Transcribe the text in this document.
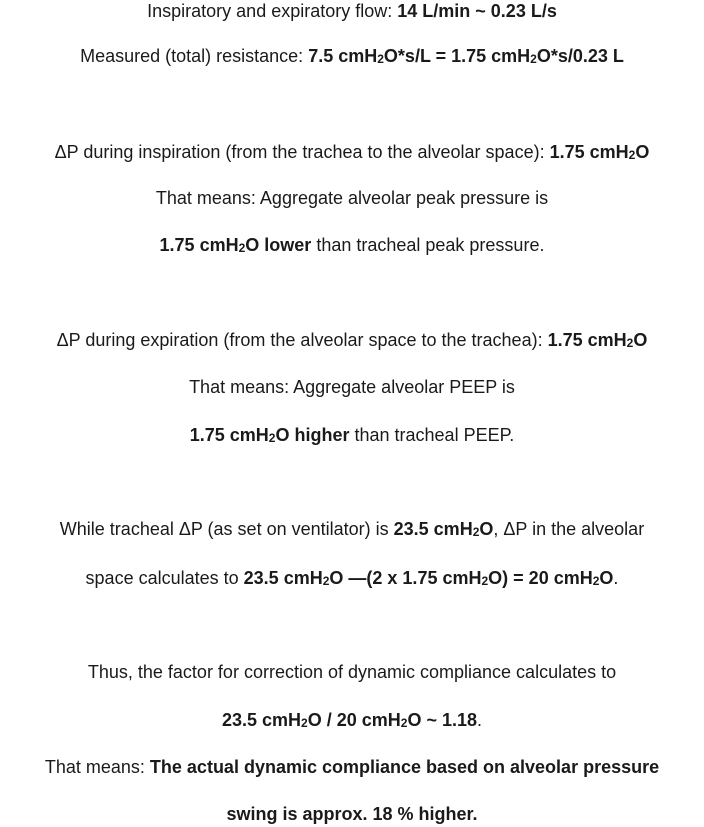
Inspiratory and expiratory flow: 14 L/min ~ 0.23 L/s
Measured (total) resistance: 7.5 cmH$_2$O*s/L = 1.75 cmH$_2$O*s/0.23 L
ΔP during inspiration (from the trachea to the alveolar space): 1.75 cmH$_2$O
That means: Aggregate alveolar peak pressure is
1.75 cmH$_2$O lower than tracheal peak pressure.
ΔP during expiration (from the alveolar space to the trachea): 1.75 cmH$_2$O
That means: Aggregate alveolar PEEP is
1.75 cmH$_2$O higher than tracheal PEEP.
While tracheal ΔP (as set on ventilator) is 23.5 cmH$_2$O, ΔP in the alveolar
space calculates to 23.5 cmH$_2$O —(2 x 1.75 cmH$_2$O) = 20 cmH$_2$O.
Thus, the factor for correction of dynamic compliance calculates to
23.5 cmH$_2$O / 20 cmH$_2$O ~ 1.18.
That means: The actual dynamic compliance based on alveolar pressure
swing is approx. 18 % higher.
